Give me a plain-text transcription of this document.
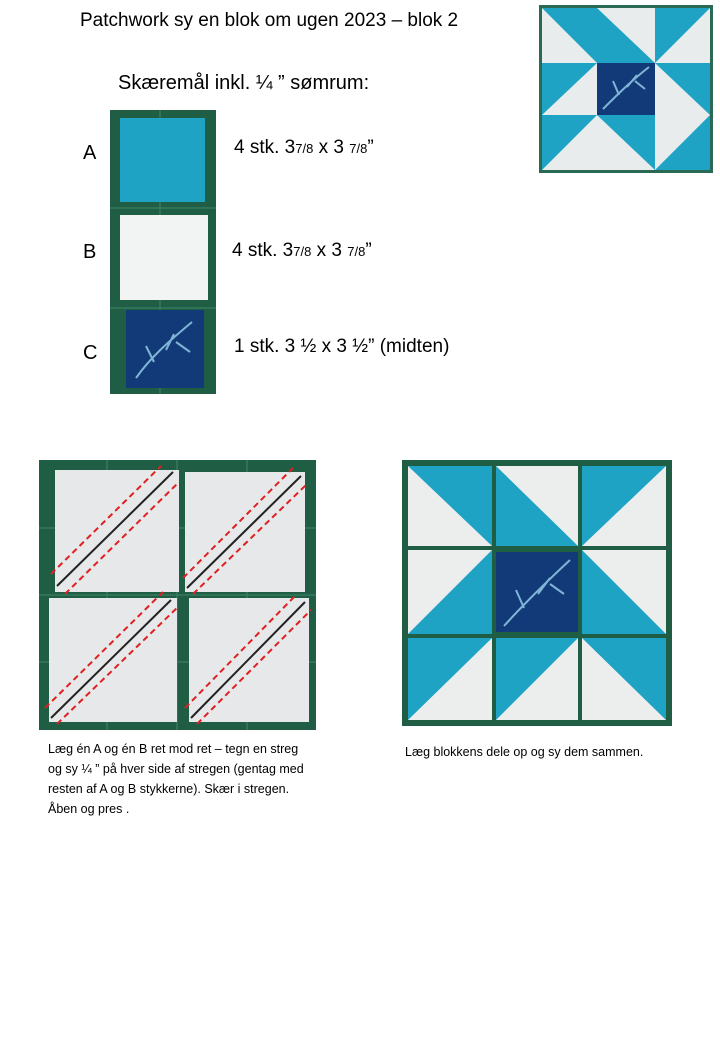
Patchwork sy en blok om ugen 2023 – blok 2
Skæremål inkl. ¼ ” sømrum:
A
B
C
4 stk. 37/8 x 3 7/8”
4 stk. 37/8 x 3 7/8”
1 stk. 3 ½ x 3 ½” (midten)
Læg én A og én B ret mod ret – tegn en streg
og sy ¼ ” på hver side af stregen (gentag med
resten af A og B stykkerne). Skær i stregen.
Åben og pres .
Læg blokkens dele op og sy dem sammen.
